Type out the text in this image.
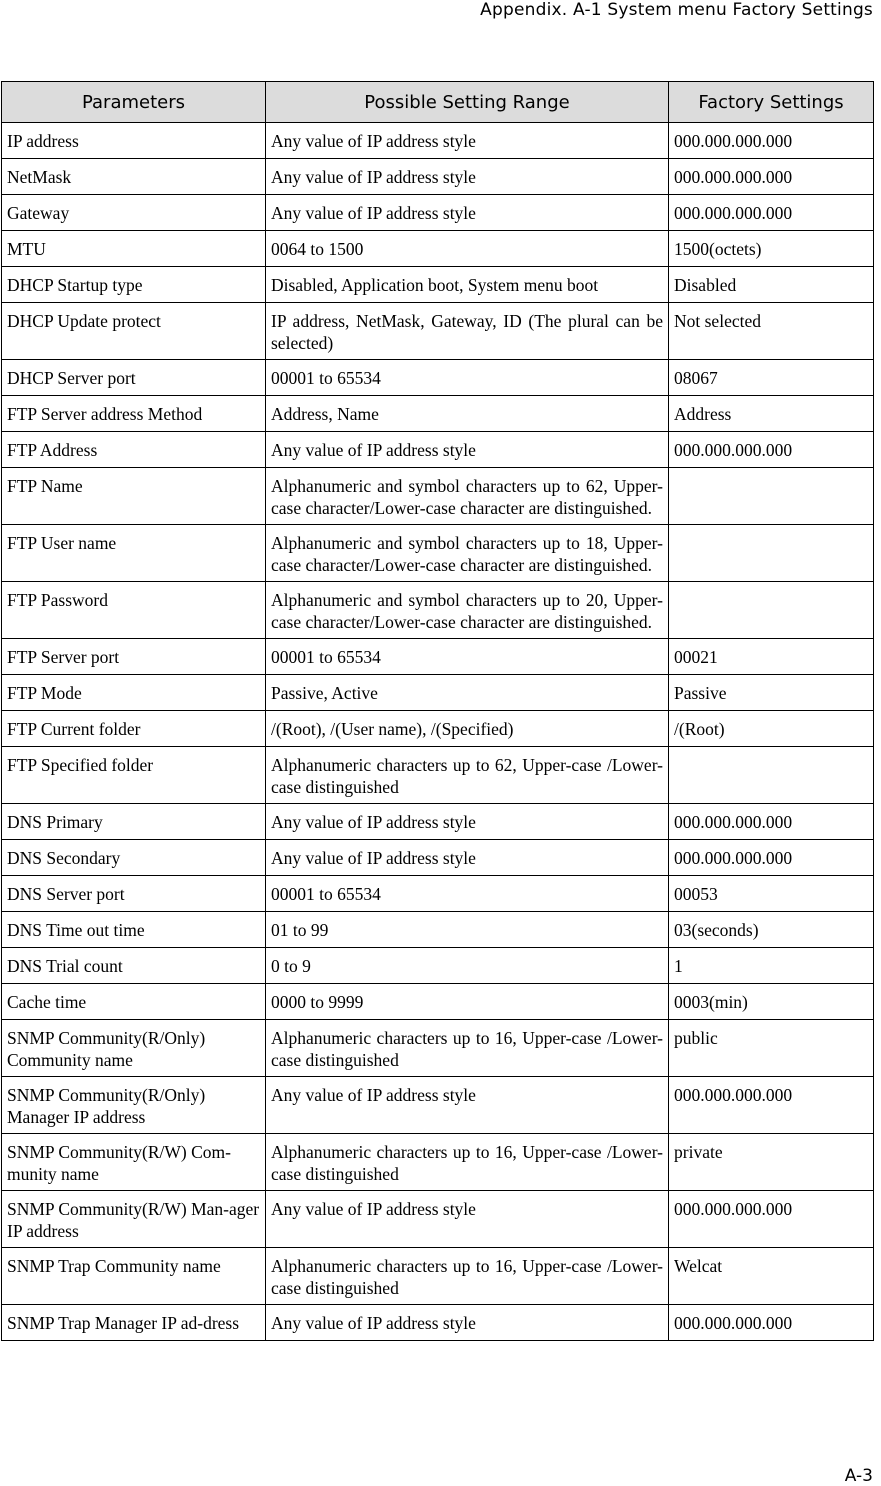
Appendix. A-1 System menu Factory Settings
Parameters	Possible Setting Range	Factory Settings
IP address	Any value of IP address style	000.000.000.000
NetMask	Any value of IP address style	000.000.000.000
Gateway	Any value of IP address style	000.000.000.000
MTU	0064 to 1500	1500(octets)
DHCP Startup type	Disabled, Application boot, System menu boot	Disabled
DHCP Update protect	IP address, NetMask, Gateway, ID (The plural can be selected)	Not selected
DHCP Server port	00001 to 65534	08067
FTP Server address Method	Address, Name	Address
FTP Address	Any value of IP address style	000.000.000.000
FTP Name	Alphanumeric and symbol characters up to 62, Upper-case character/Lower-case character are distinguished.	
FTP User name	Alphanumeric and symbol characters up to 18, Upper-case character/Lower-case character are distinguished.	
FTP Password	Alphanumeric and symbol characters up to 20, Upper-case character/Lower-case character are distinguished.	
FTP Server port	00001 to 65534	00021
FTP Mode	Passive, Active	Passive
FTP Current folder	/(Root), /(User name), /(Specified)	/(Root)
FTP Specified folder	Alphanumeric characters up to 62, Upper-case /Lower-case distinguished	
DNS Primary	Any value of IP address style	000.000.000.000
DNS Secondary	Any value of IP address style	000.000.000.000
DNS Server port	00001 to 65534	00053
DNS Time out time	01 to 99	03(seconds)
DNS Trial count	0 to 9	1
Cache time	0000 to 9999	0003(min)
SNMP Community(R/Only) Community name	Alphanumeric characters up to 16, Upper-case /Lower-case distinguished	public
SNMP Community(R/Only) Manager IP address	Any value of IP address style	000.000.000.000
SNMP Community(R/W) Com-munity name	Alphanumeric characters up to 16, Upper-case /Lower-case distinguished	private
SNMP Community(R/W) Man-ager IP address	Any value of IP address style	000.000.000.000
SNMP Trap Community name	Alphanumeric characters up to 16, Upper-case /Lower-case distinguished	Welcat
SNMP Trap Manager IP ad-dress	Any value of IP address style	000.000.000.000
A-3
